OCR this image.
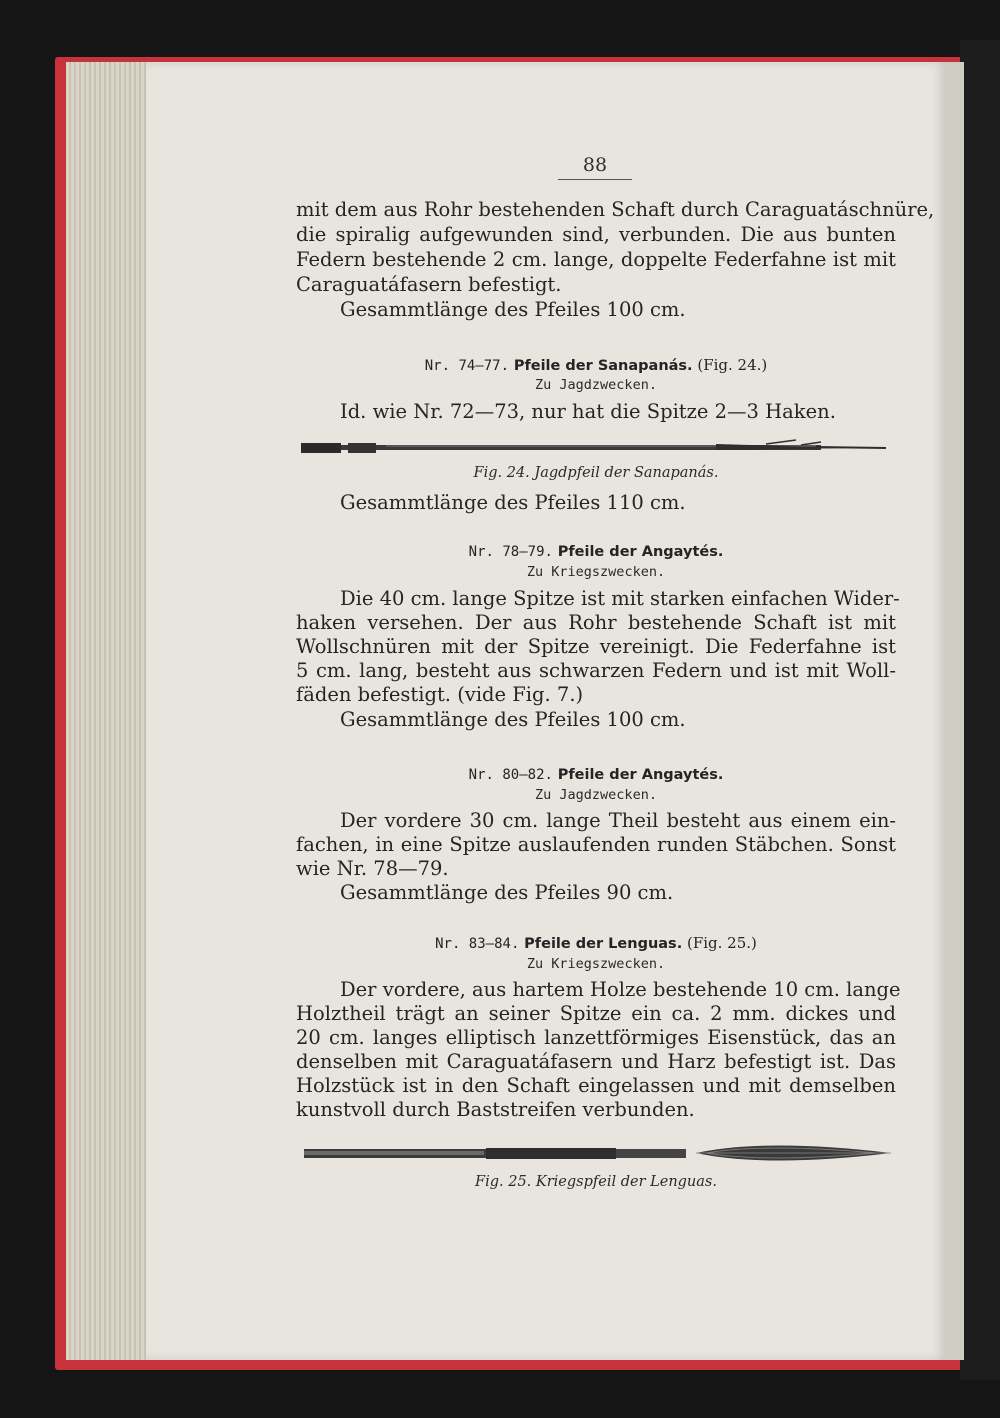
88
mit dem aus Rohr bestehenden Schaft durch Caraguatáschnüre,
die spiralig aufgewunden sind, verbunden. Die aus bunten
Federn bestehende 2 cm. lange, doppelte Federfahne ist mit
Caraguatáfasern befestigt.
Gesammtlänge des Pfeiles 100 cm.
Nr. 74—77. Pfeile der Sanapanás. (Fig. 24.)
Zu Jagdzwecken.
Id. wie Nr. 72—73, nur hat die Spitze 2—3 Haken.
Fig. 24. Jagdpfeil der Sanapanás.
Gesammtlänge des Pfeiles 110 cm.
Nr. 78—79. Pfeile der Angaytés.
Zu Kriegszwecken.
Die 40 cm. lange Spitze ist mit starken einfachen Wider-
haken versehen. Der aus Rohr bestehende Schaft ist mit
Wollschnüren mit der Spitze vereinigt. Die Federfahne ist
5 cm. lang, besteht aus schwarzen Federn und ist mit Woll-
fäden befestigt. (vide Fig. 7.)
Gesammtlänge des Pfeiles 100 cm.
Nr. 80—82. Pfeile der Angaytés.
Zu Jagdzwecken.
Der vordere 30 cm. lange Theil besteht aus einem ein-
fachen, in eine Spitze auslaufenden runden Stäbchen. Sonst
wie Nr. 78—79.
Gesammtlänge des Pfeiles 90 cm.
Nr. 83—84. Pfeile der Lenguas. (Fig. 25.)
Zu Kriegszwecken.
Der vordere, aus hartem Holze bestehende 10 cm. lange
Holztheil trägt an seiner Spitze ein ca. 2 mm. dickes und
20 cm. langes elliptisch lanzettförmiges Eisenstück, das an
denselben mit Caraguatáfasern und Harz befestigt ist. Das
Holzstück ist in den Schaft eingelassen und mit demselben
kunstvoll durch Baststreifen verbunden.
Fig. 25. Kriegspfeil der Lenguas.
